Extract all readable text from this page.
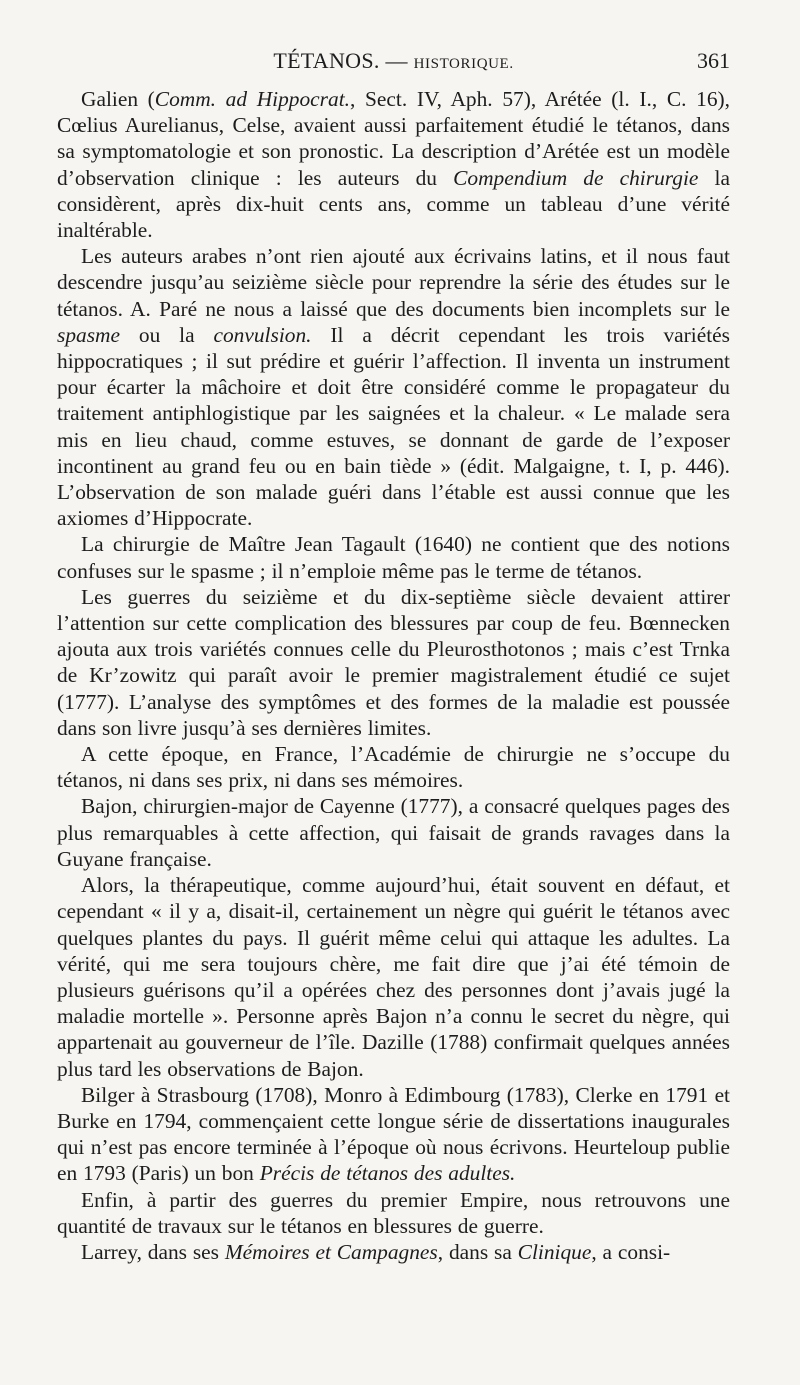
TÉTANOS. — HISTORIQUE.	361

Galien (Comm. ad Hippocrat., Sect. IV, Aph. 57), Arétée (l. I., C. 16), Cœlius Aurelianus, Celse, avaient aussi parfaitement étudié le tétanos, dans sa symptomatologie et son pronostic. La description d’Arétée est un modèle d’observation clinique : les auteurs du Compendium de chirurgie la considèrent, après dix-huit cents ans, comme un tableau d’une vérité inaltérable.

Les auteurs arabes n’ont rien ajouté aux écrivains latins, et il nous faut descendre jusqu’au seizième siècle pour reprendre la série des études sur le tétanos. A. Paré ne nous a laissé que des documents bien incomplets sur le spasme ou la convulsion. Il a décrit cependant les trois variétés hippocratiques ; il sut prédire et guérir l’affection. Il inventa un instrument pour écarter la mâchoire et doit être considéré comme le propagateur du traitement antiphlogistique par les saignées et la chaleur. « Le malade sera mis en lieu chaud, comme estuves, se donnant de garde de l’exposer incontinent au grand feu ou en bain tiède » (édit. Malgaigne, t. I, p. 446). L’observation de son malade guéri dans l’étable est aussi connue que les axiomes d’Hippocrate.

La chirurgie de Maître Jean Tagault (1640) ne contient que des notions confuses sur le spasme ; il n’emploie même pas le terme de tétanos.

Les guerres du seizième et du dix-septième siècle devaient attirer l’attention sur cette complication des blessures par coup de feu. Bœnnecken ajouta aux trois variétés connues celle du Pleurosthotonos ; mais c’est Trnka de Kr’zowitz qui paraît avoir le premier magistralement étudié ce sujet (1777). L’analyse des symptômes et des formes de la maladie est poussée dans son livre jusqu’à ses dernières limites.

A cette époque, en France, l’Académie de chirurgie ne s’occupe du tétanos, ni dans ses prix, ni dans ses mémoires.

Bajon, chirurgien-major de Cayenne (1777), a consacré quelques pages des plus remarquables à cette affection, qui faisait de grands ravages dans la Guyane française.

Alors, la thérapeutique, comme aujourd’hui, était souvent en défaut, et cependant « il y a, disait-il, certainement un nègre qui guérit le tétanos avec quelques plantes du pays. Il guérit même celui qui attaque les adultes. La vérité, qui me sera toujours chère, me fait dire que j’ai été témoin de plusieurs guérisons qu’il a opérées chez des personnes dont j’avais jugé la maladie mortelle ». Personne après Bajon n’a connu le secret du nègre, qui appartenait au gouverneur de l’île. Dazille (1788) confirmait quelques années plus tard les observations de Bajon.

Bilger à Strasbourg (1708), Monro à Edimbourg (1783), Clerke en 1791 et Burke en 1794, commençaient cette longue série de dissertations inaugurales qui n’est pas encore terminée à l’époque où nous écrivons. Heurteloup publie en 1793 (Paris) un bon Précis de tétanos des adultes.

Enfin, à partir des guerres du premier Empire, nous retrouvons une quantité de travaux sur le tétanos en blessures de guerre.

Larrey, dans ses Mémoires et Campagnes, dans sa Clinique, a consi-
